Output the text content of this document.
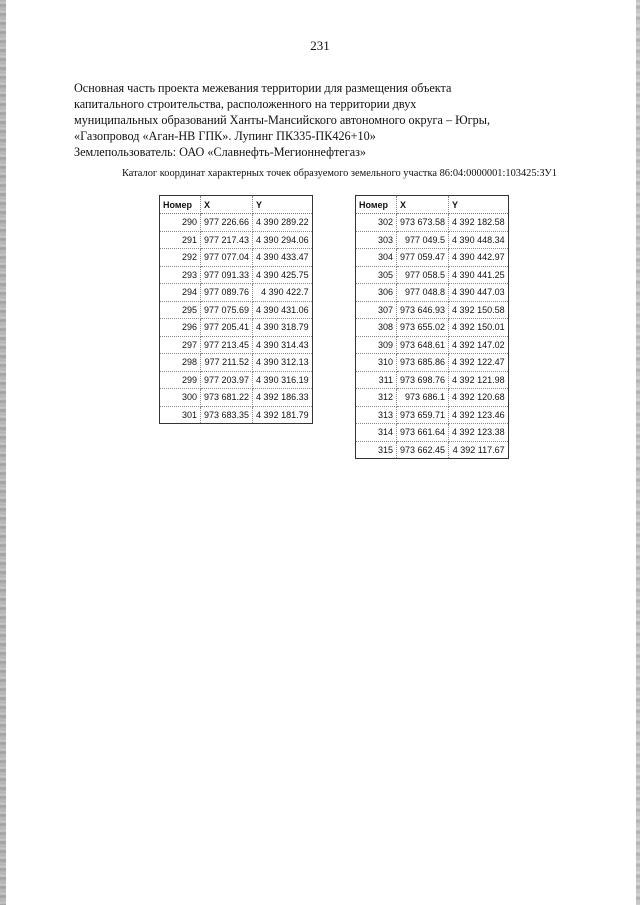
231
Основная часть проекта межевания территории для размещения объекта
капитального строительства, расположенного на территории двух
муниципальных образований Ханты-Мансийского автономного округа – Югры,
«Газопровод «Аган-НВ ГПК». Лупинг ПК335-ПК426+10»
Землепользователь: ОАО «Славнефть-Мегионнефтегаз»
Каталог координат характерных точек образуемого земельного участка 86:04:0000001:103425:ЗУ1
Номер	X	Y
290	977 226.66	4 390 289.22
291	977 217.43	4 390 294.06
292	977 077.04	4 390 433.47
293	977 091.33	4 390 425.75
294	977 089.76	4 390 422.7
295	977 075.69	4 390 431.06
296	977 205.41	4 390 318.79
297	977 213.45	4 390 314.43
298	977 211.52	4 390 312.13
299	977 203.97	4 390 316.19
300	973 681.22	4 392 186.33
301	973 683.35	4 392 181.79
Номер	X	Y
302	973 673.58	4 392 182.58
303	977 049.5	4 390 448.34
304	977 059.47	4 390 442.97
305	977 058.5	4 390 441.25
306	977 048.8	4 390 447.03
307	973 646.93	4 392 150.58
308	973 655.02	4 392 150.01
309	973 648.61	4 392 147.02
310	973 685.86	4 392 122.47
311	973 698.76	4 392 121.98
312	973 686.1	4 392 120.68
313	973 659.71	4 392 123.46
314	973 661.64	4 392 123.38
315	973 662.45	4 392 117.67
